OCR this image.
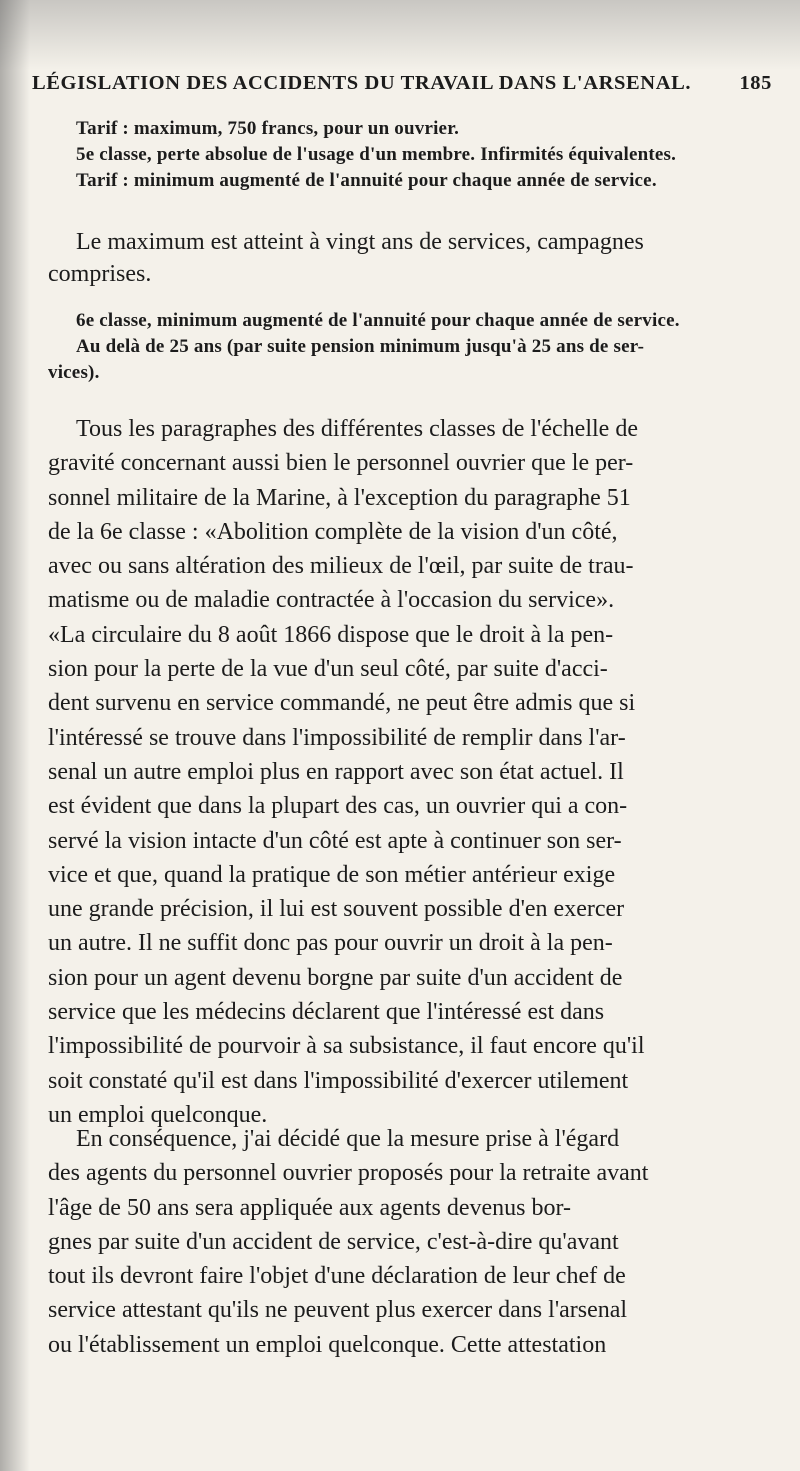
LÉGISLATION DES ACCIDENTS DU TRAVAIL DANS L'ARSENAL. 185

Tarif : maximum, 750 francs, pour un ouvrier.

5e classe, perte absolue de l'usage d'un membre. Infirmités équivalentes.

Tarif : minimum augmenté de l'annuité pour chaque année de service.

Le maximum est atteint à vingt ans de services, campagnes

comprises.

6e classe, minimum augmenté de l'annuité pour chaque année de service.

Au delà de 25 ans (par suite pension minimum jusqu'à 25 ans de ser-

vices).

Tous les paragraphes des différentes classes de l'échelle de

gravité concernant aussi bien le personnel ouvrier que le per-

sonnel militaire de la Marine, à l'exception du paragraphe 51

de la 6e classe : «Abolition complète de la vision d'un côté,

avec ou sans altération des milieux de l'œil, par suite de trau-

matisme ou de maladie contractée à l'occasion du service».

«La circulaire du 8 août 1866 dispose que le droit à la pen-

sion pour la perte de la vue d'un seul côté, par suite d'acci-

dent survenu en service commandé, ne peut être admis que si

l'intéressé se trouve dans l'impossibilité de remplir dans l'ar-

senal un autre emploi plus en rapport avec son état actuel. Il

est évident que dans la plupart des cas, un ouvrier qui a con-

servé la vision intacte d'un côté est apte à continuer son ser-

vice et que, quand la pratique de son métier antérieur exige

une grande précision, il lui est souvent possible d'en exercer

un autre. Il ne suffit donc pas pour ouvrir un droit à la pen-

sion pour un agent devenu borgne par suite d'un accident de

service que les médecins déclarent que l'intéressé est dans

l'impossibilité de pourvoir à sa subsistance, il faut encore qu'il

soit constaté qu'il est dans l'impossibilité d'exercer utilement

un emploi quelconque.

En conséquence, j'ai décidé que la mesure prise à l'égard

des agents du personnel ouvrier proposés pour la retraite avant

l'âge de 50 ans sera appliquée aux agents devenus bor-

gnes par suite d'un accident de service, c'est-à-dire qu'avant

tout ils devront faire l'objet d'une déclaration de leur chef de

service attestant qu'ils ne peuvent plus exercer dans l'arsenal

ou l'établissement un emploi quelconque. Cette attestation
